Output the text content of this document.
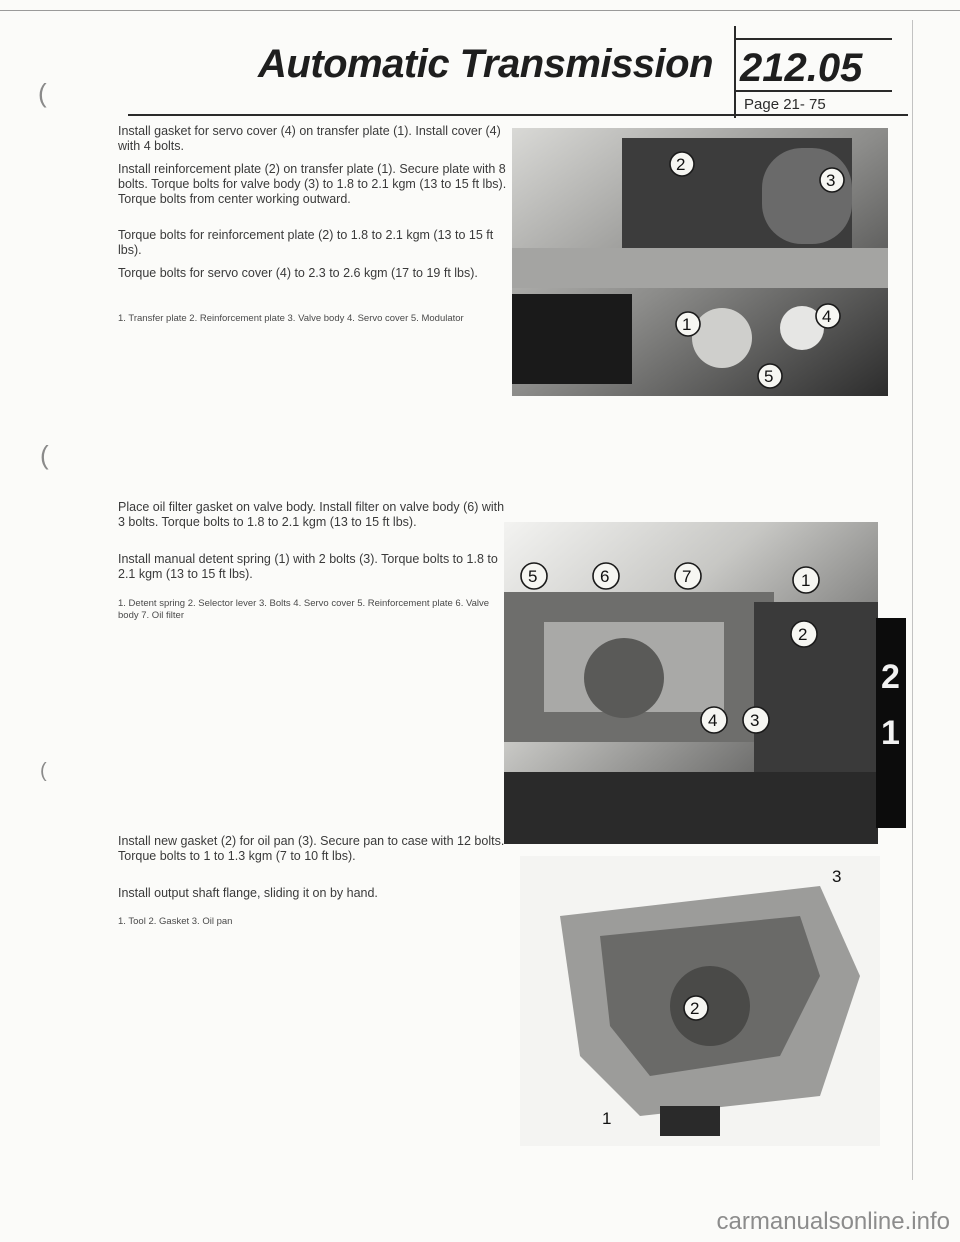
Automatic Transmission 212.05
Page 21- 75
(
(
(

Install gasket for servo cover (4) on transfer plate (1). Install cover (4) with 4 bolts.

Install reinforcement plate (2) on transfer plate (1). Secure plate with 8 bolts. Torque bolts for valve body (3) to 1.8 to 2.1 kgm (13 to 15 ft lbs). Torque bolts from center working outward.

Torque bolts for reinforcement plate (2) to 1.8 to 2.1 kgm (13 to 15 ft lbs).

Torque bolts for servo cover (4) to 2.3 to 2.6 kgm (17 to 19 ft lbs).

1. Transfer plate 2. Reinforcement plate 3. Valve body 4. Servo cover 5. Modulator

2
3
1	4
5

Place oil filter gasket on valve body. Install filter on valve body (6) with 3 bolts. Torque bolts to 1.8 to 2.1 kgm (13 to 15 ft lbs).

Install manual detent spring (1) with 2 bolts (3). Torque bolts to 1.8 to 2.1 kgm (13 to 15 ft lbs).

1. Detent spring 2. Selector lever 3. Bolts 4. Servo cover 5. Reinforcement plate 6. Valve body 7. Oil filter

5	6	7	1
2
4 3

Install new gasket (2) for oil pan (3). Secure pan to case with 12 bolts. Torque bolts to 1 to 1.3 kgm (7 to 10 ft lbs).

Install output shaft flange, sliding it on by hand.

1. Tool 2. Gasket 3. Oil pan

3
2
1
2
1
carmanualsonline.info
